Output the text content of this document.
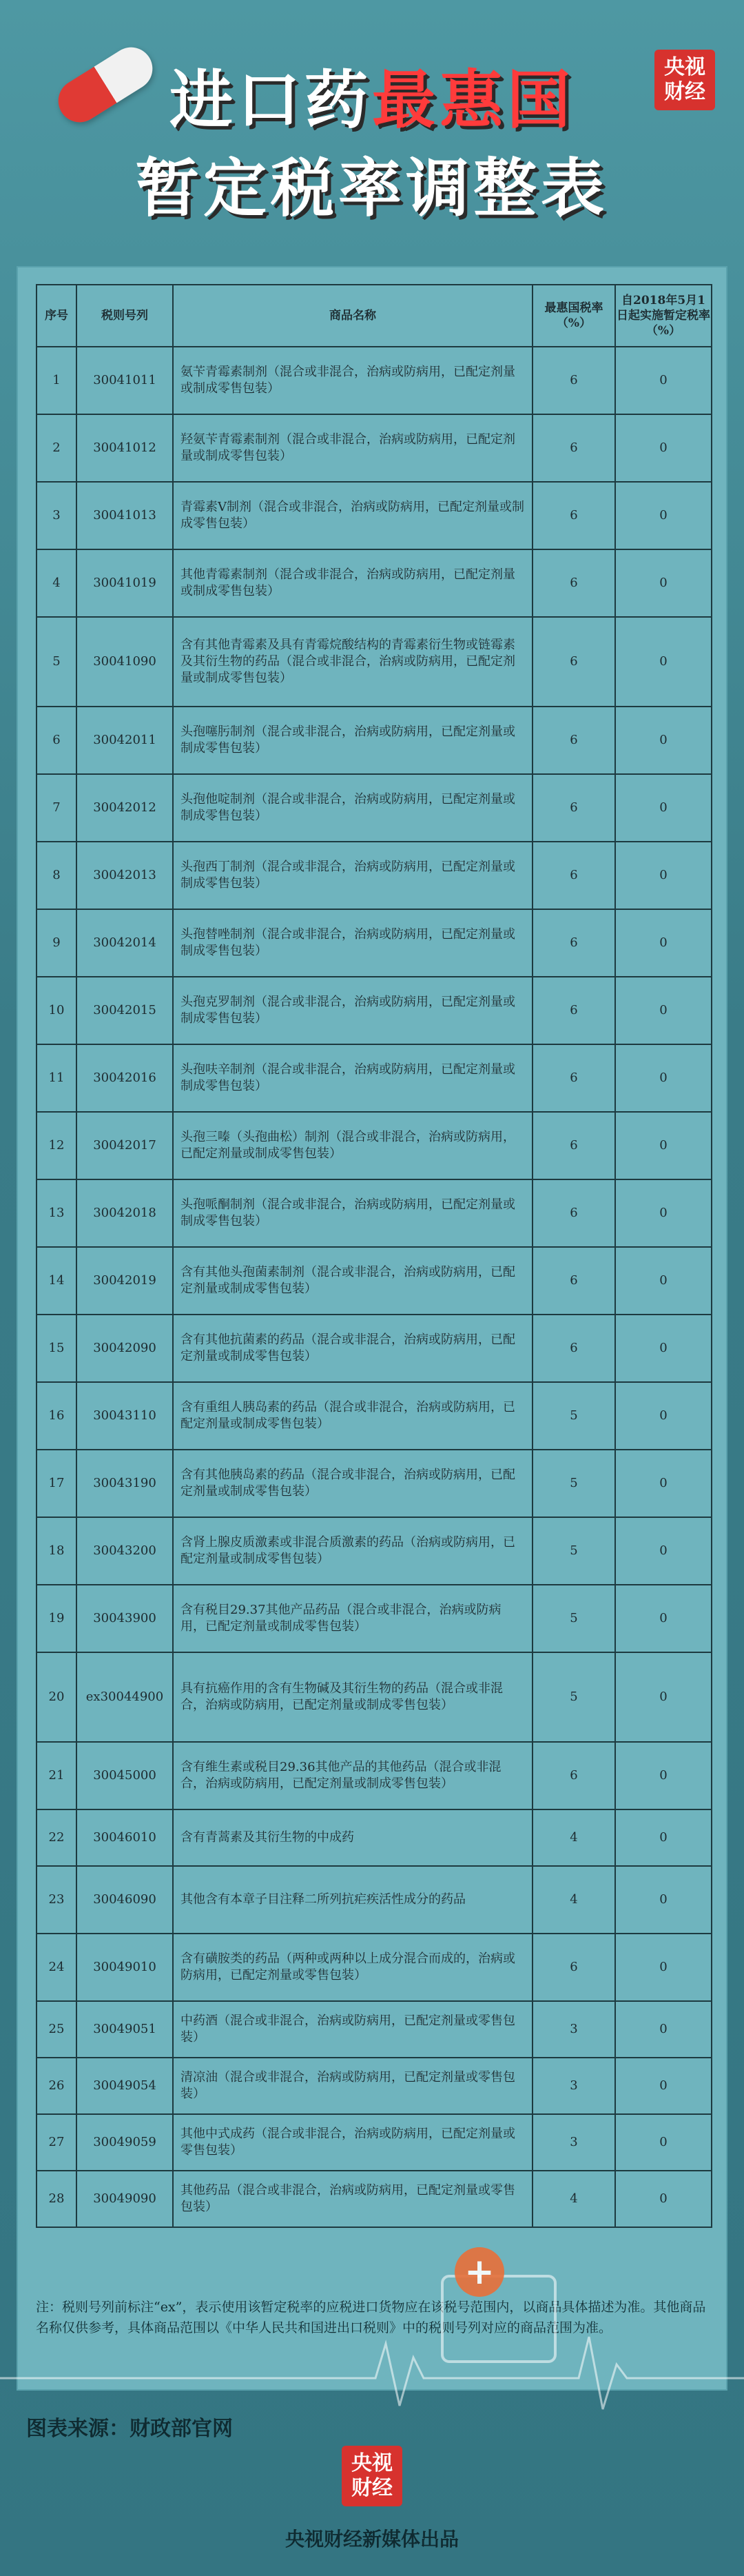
进口药最惠国
暂定税率调整表
央视
财经
序号	税则号列	商品名称	最惠国税率（%）	自2018年5月1日起实施暂定税率（%）
1	30041011	氨苄青霉素制剂（混合或非混合，治病或防病用，已配定剂量或制成零售包装）	6	0
2	30041012	羟氨苄青霉素制剂（混合或非混合，治病或防病用，已配定剂量或制成零售包装）	6	0
3	30041013	青霉素V制剂（混合或非混合，治病或防病用，已配定剂量或制成零售包装）	6	0
4	30041019	其他青霉素制剂（混合或非混合，治病或防病用，已配定剂量或制成零售包装）	6	0
5	30041090	含有其他青霉素及具有青霉烷酸结构的青霉素衍生物或链霉素及其衍生物的药品（混合或非混合，治病或防病用，已配定剂量或制成零售包装）	6	0
6	30042011	头孢噻肟制剂（混合或非混合，治病或防病用，已配定剂量或制成零售包装）	6	0
7	30042012	头孢他啶制剂（混合或非混合，治病或防病用，已配定剂量或制成零售包装）	6	0
8	30042013	头孢西丁制剂（混合或非混合，治病或防病用，已配定剂量或制成零售包装）	6	0
9	30042014	头孢替唑制剂（混合或非混合，治病或防病用，已配定剂量或制成零售包装）	6	0
10	30042015	头孢克罗制剂（混合或非混合，治病或防病用，已配定剂量或制成零售包装）	6	0
11	30042016	头孢呋辛制剂（混合或非混合，治病或防病用，已配定剂量或制成零售包装）	6	0
12	30042017	头孢三嗪（头孢曲松）制剂（混合或非混合，治病或防病用，已配定剂量或制成零售包装）	6	0
13	30042018	头孢哌酮制剂（混合或非混合，治病或防病用，已配定剂量或制成零售包装）	6	0
14	30042019	含有其他头孢菌素制剂（混合或非混合，治病或防病用，已配定剂量或制成零售包装）	6	0
15	30042090	含有其他抗菌素的药品（混合或非混合，治病或防病用，已配定剂量或制成零售包装）	6	0
16	30043110	含有重组人胰岛素的药品（混合或非混合，治病或防病用，已配定剂量或制成零售包装）	5	0
17	30043190	含有其他胰岛素的药品（混合或非混合，治病或防病用，已配定剂量或制成零售包装）	5	0
18	30043200	含肾上腺皮质激素或非混合质激素的药品（治病或防病用，已配定剂量或制成零售包装）	5	0
19	30043900	含有税目29.37其他产品药品（混合或非混合，治病或防病用，已配定剂量或制成零售包装）	5	0
20	ex30044900	具有抗癌作用的含有生物碱及其衍生物的药品（混合或非混合，治病或防病用，已配定剂量或制成零售包装）	5	0
21	30045000	含有维生素或税目29.36其他产品的其他药品（混合或非混合，治病或防病用，已配定剂量或制成零售包装）	6	0
22	30046010	含有青蒿素及其衍生物的中成药	4	0
23	30046090	其他含有本章子目注释二所列抗疟疾活性成分的药品	4	0
24	30049010	含有磺胺类的药品（两种或两种以上成分混合而成的，治病或防病用，已配定剂量或零售包装）	6	0
25	30049051	中药酒（混合或非混合，治病或防病用，已配定剂量或零售包装）	3	0
26	30049054	清凉油（混合或非混合，治病或防病用，已配定剂量或零售包装）	3	0
27	30049059	其他中式成药（混合或非混合，治病或防病用，已配定剂量或零售包装）	3	0
28	30049090	其他药品（混合或非混合，治病或防病用，已配定剂量或零售包装）	4	0
注：税则号列前标注“ex”，表示使用该暂定税率的应税进口货物应在该税号范围内，以商品具体描述为准。其他商品名称仅供参考，具体商品范围以《中华人民共和国进出口税则》中的税则号列对应的商品范围为准。
+
图表来源：财政部官网
央视
财经
央视财经新媒体出品
